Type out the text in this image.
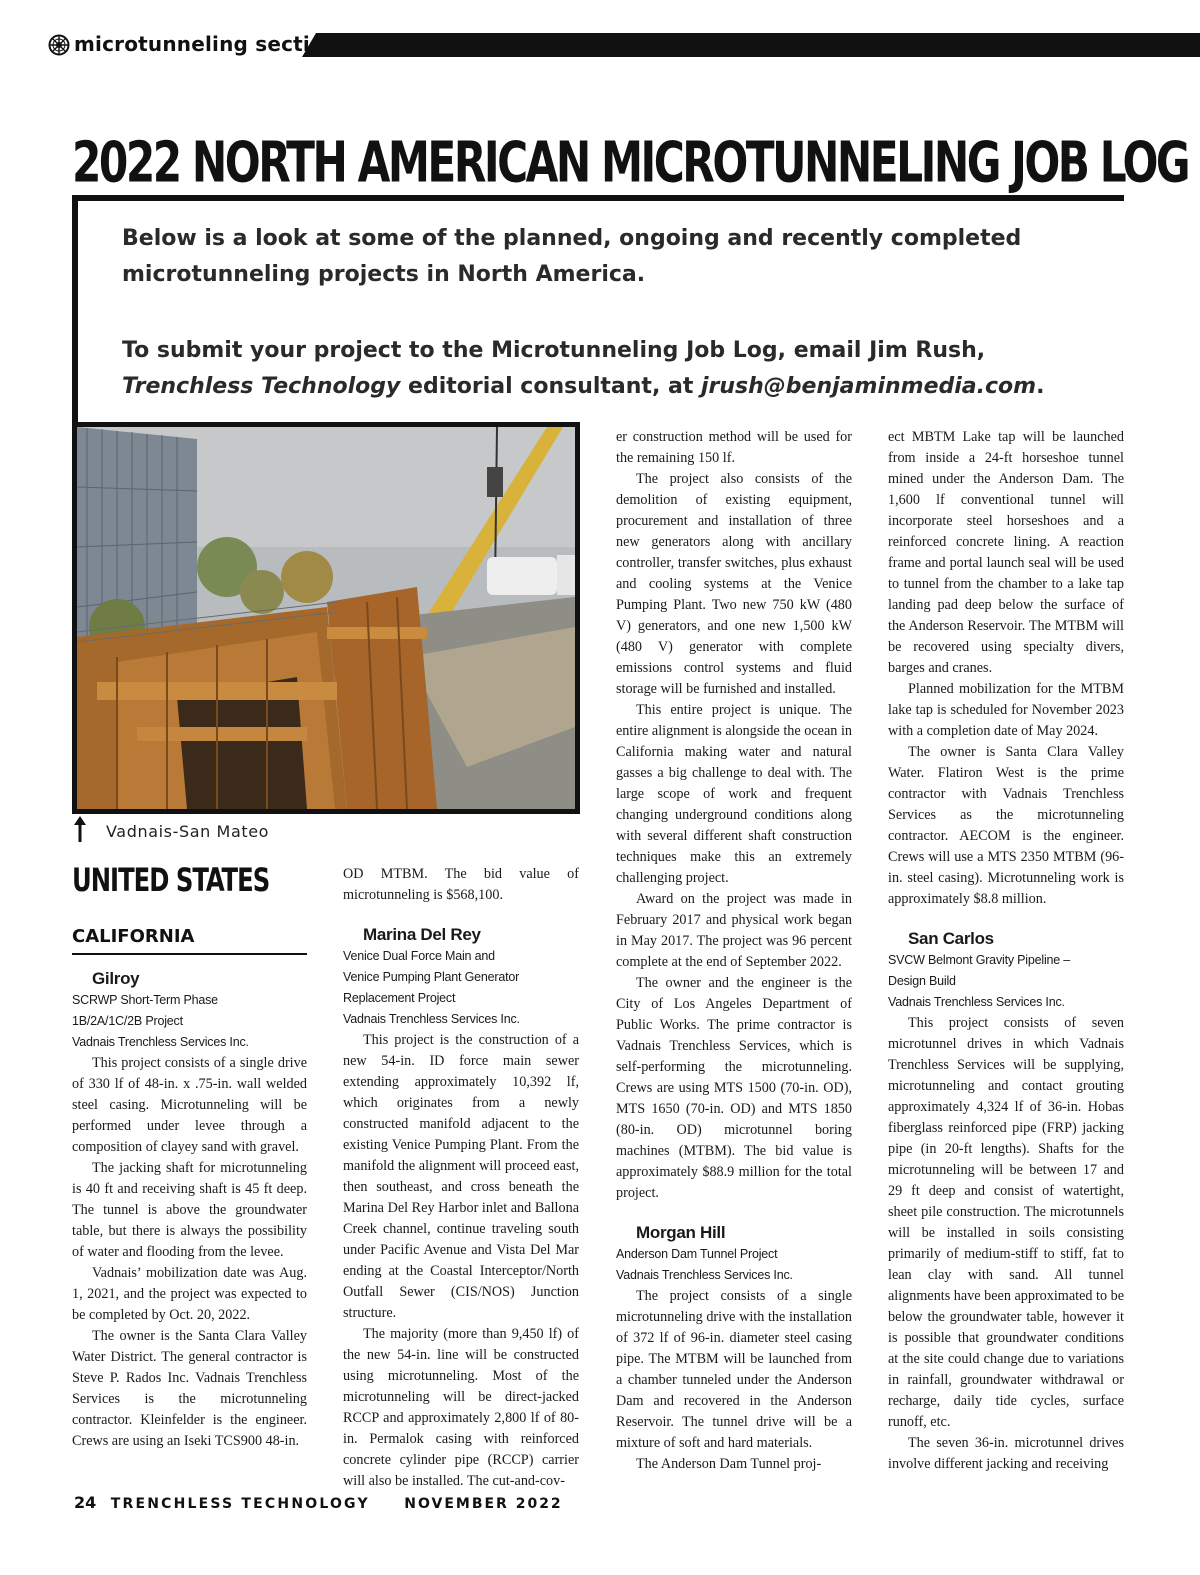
microtunneling section
2022 NORTH AMERICAN MICROTUNNELING JOB LOG

Below is a look at some of the planned, ongoing and recently completed microtunneling projects in North America.

To submit your project to the Microtunneling Job Log, email Jim Rush, Trenchless Technology editorial consultant, at jrush@benjaminmedia.com.

Vadnais-San Mateo
UNITED STATES
CALIFORNIA

Gilroy

SCRWP Short-Term Phase

1B/2A/1C/2B Project

Vadnais Trenchless Services Inc.

This project consists of a single drive of 330 lf of 48-in. x .75-in. wall welded steel casing. Microtunneling will be performed under levee through a composition of clayey sand with gravel.

The jacking shaft for microtunneling is 40 ft and receiving shaft is 45 ft deep. The tunnel is above the groundwater table, but there is always the possibility of water and flooding from the levee.

Vadnais’ mobilization date was Aug. 1, 2021, and the project was expected to be completed by Oct. 20, 2022.

The owner is the Santa Clara Valley Water District. The general contractor is Steve P. Rados Inc. Vadnais Trenchless Services is the microtunneling contractor. Kleinfelder is the engineer. Crews are using an Iseki TCS900 48-in.

OD MTBM. The bid value of microtunneling is $568,100.

Marina Del Rey

Venice Dual Force Main and

Venice Pumping Plant Generator

Replacement Project

Vadnais Trenchless Services Inc.

This project is the construction of a new 54-in. ID force main sewer extending approximately 10,392 lf, which originates from a newly constructed manifold adjacent to the existing Venice Pumping Plant. From the manifold the alignment will proceed east, then southeast, and cross beneath the Marina Del Rey Harbor inlet and Ballona Creek channel, continue traveling south under Pacific Avenue and Vista Del Mar ending at the Coastal Interceptor/North Outfall Sewer (CIS/NOS) Junction structure.

The majority (more than 9,450 lf) of the new 54-in. line will be constructed using microtunneling. Most of the microtunneling will be direct-jacked RCCP and approximately 2,800 lf of 80-in. Permalok casing with reinforced concrete cylinder pipe (RCCP) carrier will also be installed. The cut-and-cov-

er construction method will be used for the remaining 150 lf.

The project also consists of the demolition of existing equipment, procurement and installation of three new generators along with ancillary controller, transfer switches, plus exhaust and cooling systems at the Venice Pumping Plant. Two new 750 kW (480 V) generators, and one new 1,500 kW (480 V) generator with complete emissions control systems and fluid storage will be furnished and installed.

This entire project is unique. The entire alignment is alongside the ocean in California making water and natural gasses a big challenge to deal with. The large scope of work and frequent changing underground conditions along with several different shaft construction techniques make this an extremely challenging project.

Award on the project was made in February 2017 and physical work began in May 2017. The project was 96 percent complete at the end of September 2022.

The owner and the engineer is the City of Los Angeles Department of Public Works. The prime contractor is Vadnais Trenchless Services, which is self-performing the microtunneling. Crews are using MTS 1500 (70-in. OD), MTS 1650 (70-in. OD) and MTS 1850 (80-in. OD) microtunnel boring machines (MTBM). The bid value is approximately $88.9 million for the total project.

Morgan Hill

Anderson Dam Tunnel Project

Vadnais Trenchless Services Inc.

The project consists of a single microtunneling drive with the installation of 372 lf of 96-in. diameter steel casing pipe. The MTBM will be launched from a chamber tunneled under the Anderson Dam and recovered in the Anderson Reservoir. The tunnel drive will be a mixture of soft and hard materials.

The Anderson Dam Tunnel proj-

ect MBTM Lake tap will be launched from inside a 24-ft horseshoe tunnel mined under the Anderson Dam. The 1,600 lf conventional tunnel will incorporate steel horseshoes and a reinforced concrete lining. A reaction frame and portal launch seal will be used to tunnel from the chamber to a lake tap landing pad deep below the surface of the Anderson Reservoir. The MTBM will be recovered using specialty divers, barges and cranes.

Planned mobilization for the MTBM lake tap is scheduled for November 2023 with a completion date of May 2024.

The owner is Santa Clara Valley Water. Flatiron West is the prime contractor with Vadnais Trenchless Services as the microtunneling contractor. AECOM is the engineer. Crews will use a MTS 2350 MTBM (96-in. steel casing). Microtunneling work is approximately $8.8 million.

San Carlos

SVCW Belmont Gravity Pipeline –

Design Build

Vadnais Trenchless Services Inc.

This project consists of seven microtunnel drives in which Vadnais Trenchless Services will be supplying, microtunneling and contact grouting approximately 4,324 lf of 36-in. Hobas fiberglass reinforced pipe (FRP) jacking pipe (in 20-ft lengths). Shafts for the microtunneling will be between 17 and 29 ft deep and consist of watertight, sheet pile construction. The microtunnels will be installed in soils consisting primarily of medium-stiff to stiff, fat to lean clay with sand. All tunnel alignments have been approximated to be below the groundwater table, however it is possible that groundwater conditions at the site could change due to variations in rainfall, groundwater withdrawal or recharge, daily tide cycles, surface runoff, etc.

The seven 36-in. microtunnel drives involve different jacking and receiving

24 TRENCHLESS TECHNOLOGY NOVEMBER 2022
